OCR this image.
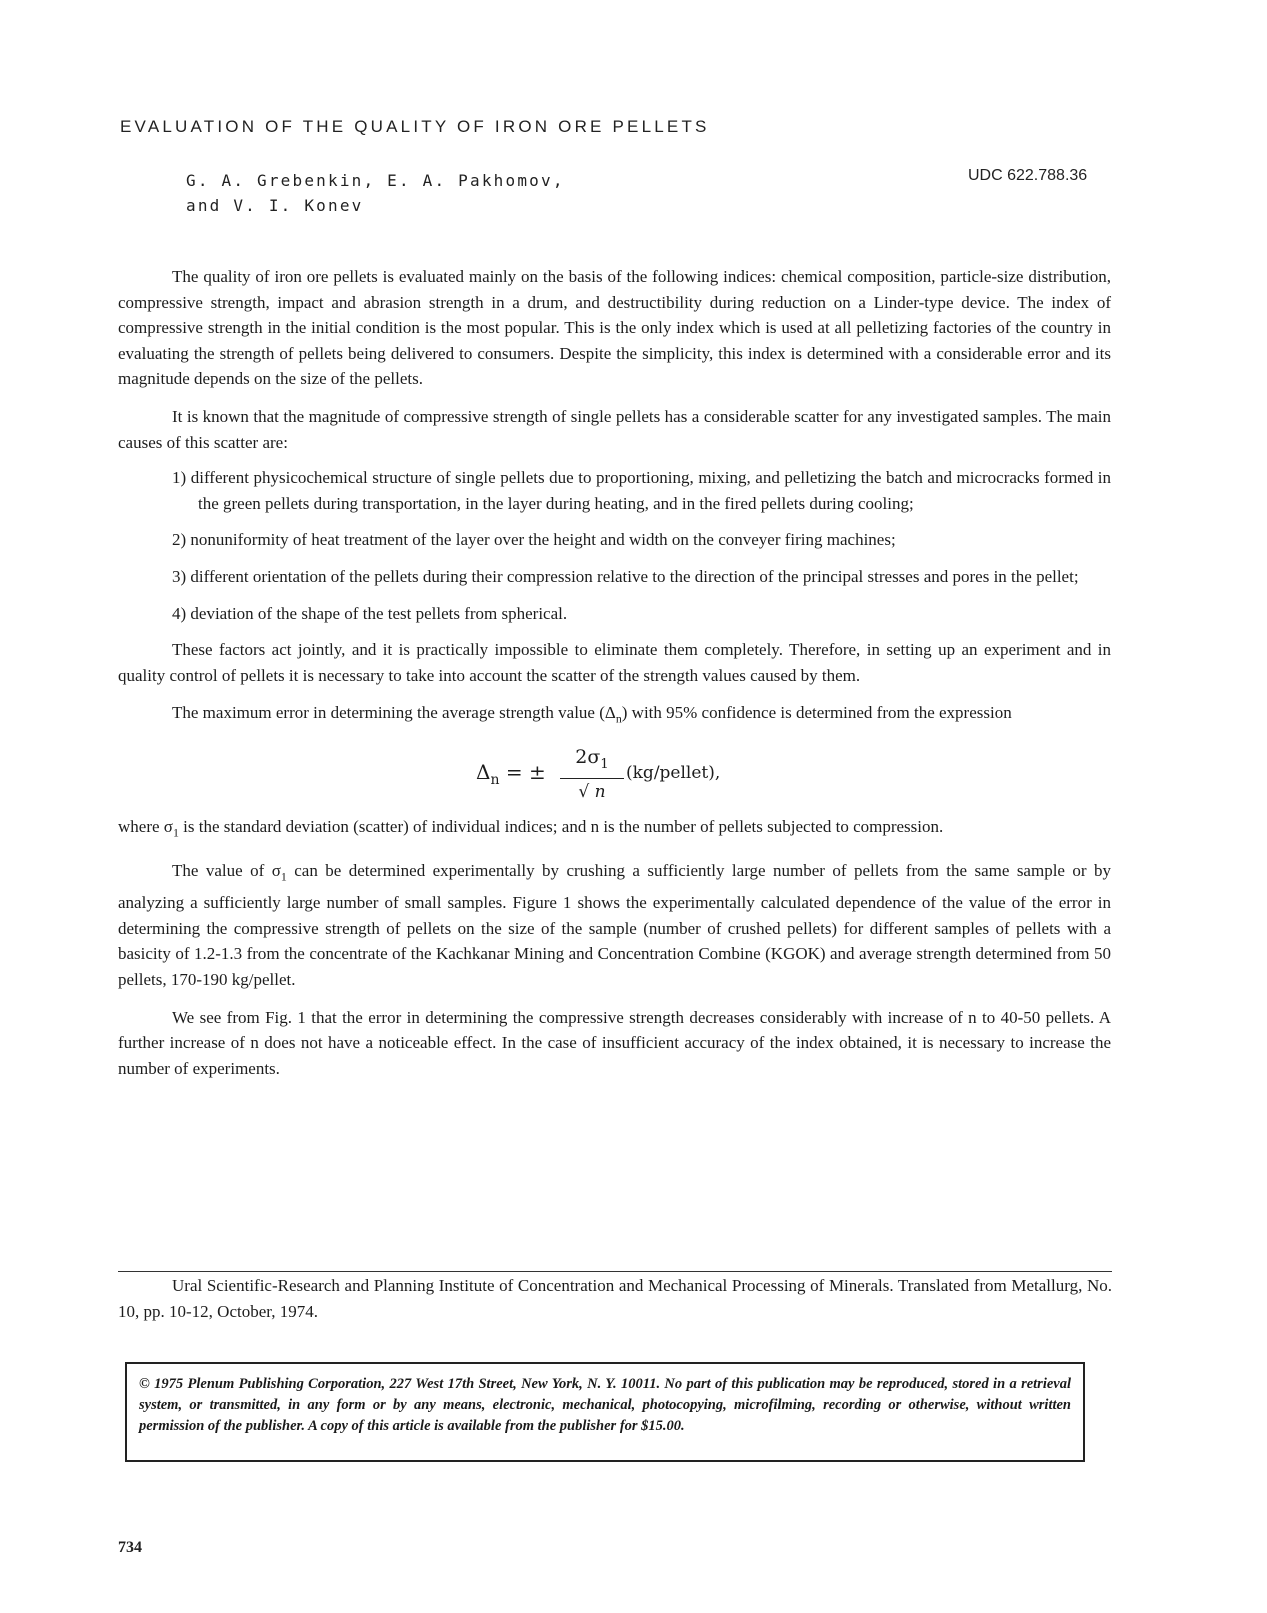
EVALUATION OF THE QUALITY OF IRON ORE PELLETS
G. A. Grebenkin, E. A. Pakhomov,
and V. I. Konev
UDC 622.788.36

The quality of iron ore pellets is evaluated mainly on the basis of the following indices: chemical composition, particle-size distribution, compressive strength, impact and abrasion strength in a drum, and destructibility during reduction on a Linder-type device. The index of compressive strength in the initial condition is the most popular. This is the only index which is used at all pelletizing factories of the country in evaluating the strength of pellets being delivered to consumers. Despite the simplicity, this index is determined with a considerable error and its magnitude depends on the size of the pellets.

It is known that the magnitude of compressive strength of single pellets has a considerable scatter for any investigated samples. The main causes of this scatter are:

1) different physicochemical structure of single pellets due to proportioning, mixing, and pelletizing the batch and microcracks formed in the green pellets during transportation, in the layer during heating, and in the fired pellets during cooling;
2) nonuniformity of heat treatment of the layer over the height and width on the conveyer firing machines;
3) different orientation of the pellets during their compression relative to the direction of the principal stresses and pores in the pellet;
4) deviation of the shape of the test pellets from spherical.

These factors act jointly, and it is practically impossible to eliminate them completely. Therefore, in setting up an experiment and in quality control of pellets it is necessary to take into account the scatter of the strength values caused by them.

The maximum error in determining the average strength value $(\Delta_n)$ with 95% confidence is determined from the expression

$\Delta_n$ = ± $\frac{2\sigma_1}{√ n}$ (kg/pellet),

where $\sigma_1$ is the standard deviation (scatter) of individual indices; and n is the number of pellets subjected to compression.

The value of $\sigma_1$ can be determined experimentally by crushing a sufficiently large number of pellets from the same sample or by analyzing a sufficiently large number of small samples. Figure 1 shows the experimentally calculated dependence of the value of the error in determining the compressive strength of pellets on the size of the sample (number of crushed pellets) for different samples of pellets with a basicity of 1.2-1.3 from the concentrate of the Kachkanar Mining and Concentration Combine (KGOK) and average strength determined from 50 pellets, 170-190 kg/pellet.

We see from Fig. 1 that the error in determining the compressive strength decreases considerably with increase of n to 40-50 pellets. A further increase of n does not have a noticeable effect. In the case of insufficient accuracy of the index obtained, it is necessary to increase the number of experiments.

Ural Scientific-Research and Planning Institute of Concentration and Mechanical Processing of Minerals. Translated from Metallurg, No. 10, pp. 10-12, October, 1974.
© 1975 Plenum Publishing Corporation, 227 West 17th Street, New York, N. Y. 10011. No part of this publication may be reproduced, stored in a retrieval system, or transmitted, in any form or by any means, electronic, mechanical, photocopying, microfilming, recording or otherwise, without written permission of the publisher. A copy of this article is available from the publisher for $15.00.
734
